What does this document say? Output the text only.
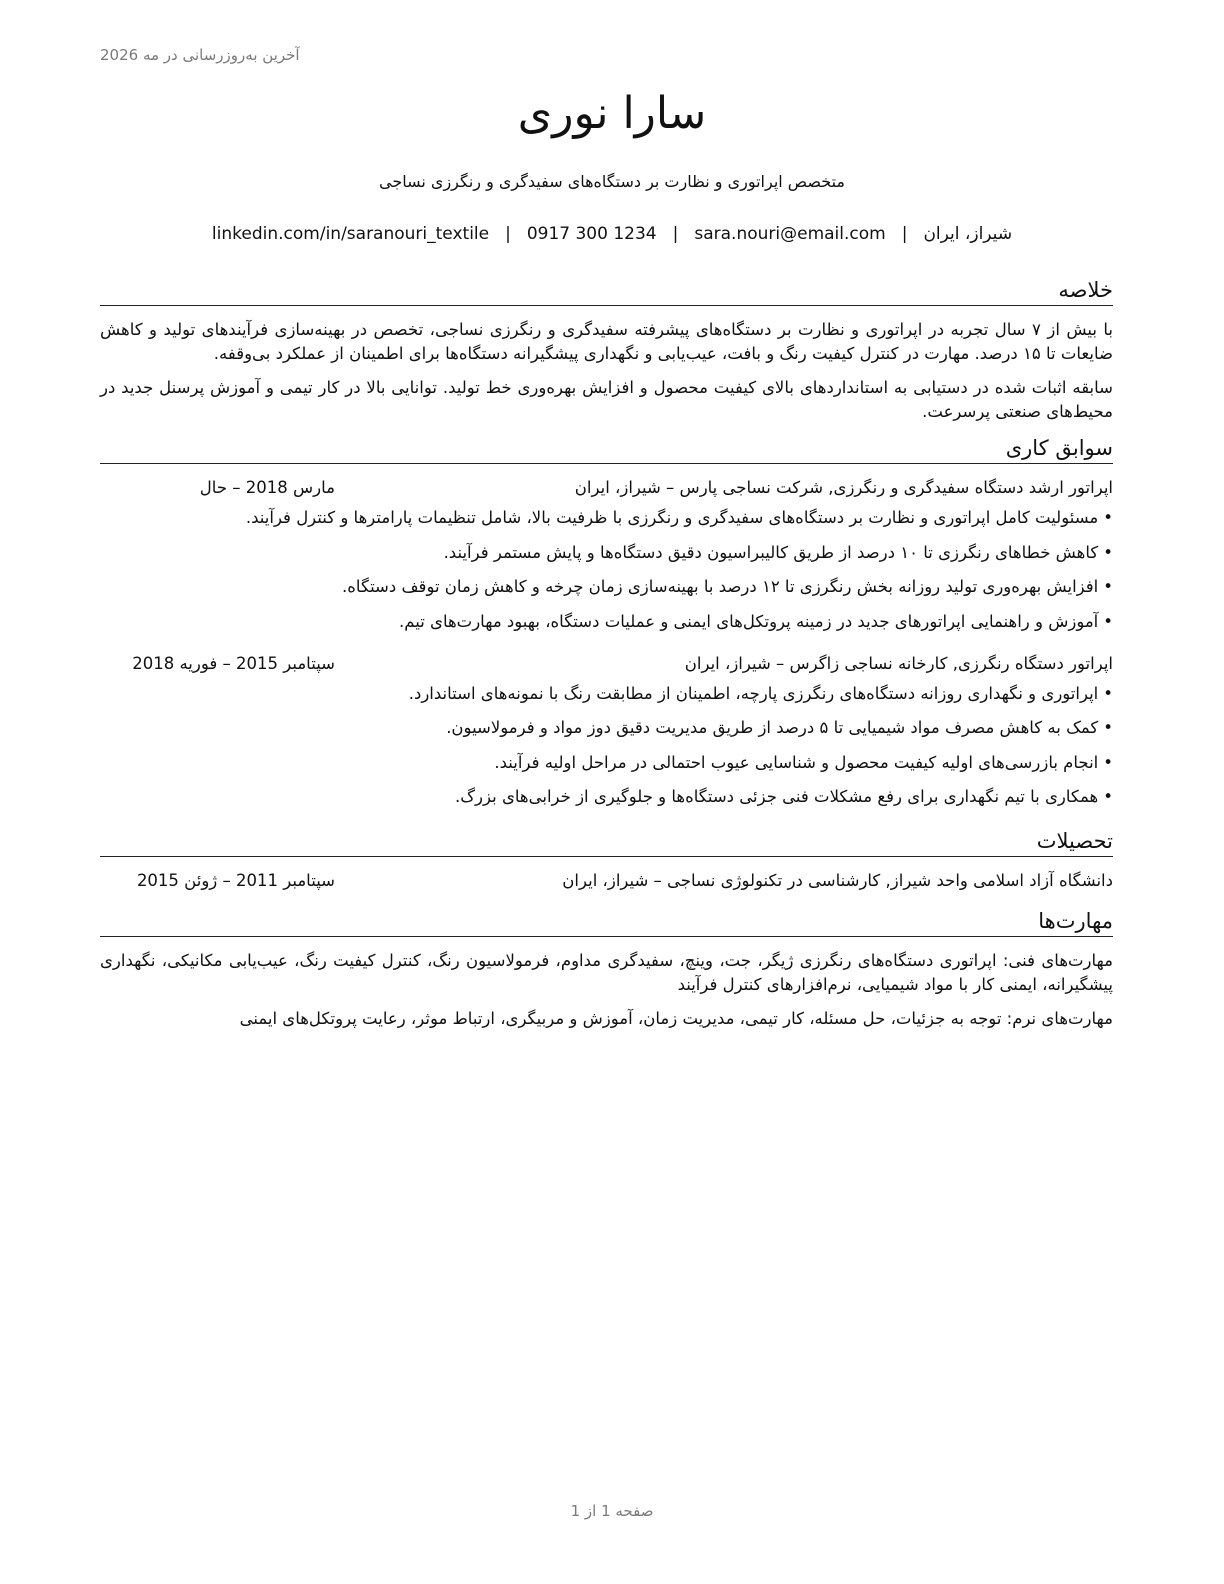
آخرین به‌روزرسانی در مه 2026
سارا نوری
متخصص اپراتوری و نظارت بر دستگاه‌های سفیدگری و رنگرزی نساجی
شیراز، ایران|sara.nouri@email.com|0917 300 1234|linkedin.com/in/saranouri_textile
خلاصه

با بیش از ۷ سال تجربه در اپراتوری و نظارت بر دستگاه‌های پیشرفته سفیدگری و رنگرزی نساجی، تخصص در بهینه‌سازی فرآیندهای تولید و کاهش ضایعات تا ۱۵ درصد. مهارت در کنترل کیفیت رنگ و بافت، عیب‌یابی و نگهداری پیشگیرانه دستگاه‌ها برای اطمینان از عملکرد بی‌وقفه.

سابقه اثبات شده در دستیابی به استانداردهای بالای کیفیت محصول و افزایش بهره‌وری خط تولید. توانایی بالا در کار تیمی و آموزش پرسنل جدید در محیط‌های صنعتی پرسرعت.

سوابق کاری
اپراتور ارشد دستگاه سفیدگری و رنگرزی, شرکت نساجی پارس – شیراز، ایران
مارس 2018 – حال
•مسئولیت کامل اپراتوری و نظارت بر دستگاه‌های سفیدگری و رنگرزی با ظرفیت بالا، شامل تنظیمات پارامترها و کنترل فرآیند.
•کاهش خطاهای رنگرزی تا ۱۰ درصد از طریق کالیبراسیون دقیق دستگاه‌ها و پایش مستمر فرآیند.
•افزایش بهره‌وری تولید روزانه بخش رنگرزی تا ۱۲ درصد با بهینه‌سازی زمان چرخه و کاهش زمان توقف دستگاه.
•آموزش و راهنمایی اپراتورهای جدید در زمینه پروتکل‌های ایمنی و عملیات دستگاه، بهبود مهارت‌های تیم.
اپراتور دستگاه رنگرزی, کارخانه نساجی زاگرس – شیراز، ایران
سپتامبر 2015 – فوریه 2018
•اپراتوری و نگهداری روزانه دستگاه‌های رنگرزی پارچه، اطمینان از مطابقت رنگ با نمونه‌های استاندارد.
•کمک به کاهش مصرف مواد شیمیایی تا ۵ درصد از طریق مدیریت دقیق دوز مواد و فرمولاسیون.
•انجام بازرسی‌های اولیه کیفیت محصول و شناسایی عیوب احتمالی در مراحل اولیه فرآیند.
•همکاری با تیم نگهداری برای رفع مشکلات فنی جزئی دستگاه‌ها و جلوگیری از خرابی‌های بزرگ.
تحصیلات
دانشگاه آزاد اسلامی واحد شیراز, کارشناسی در تکنولوژی نساجی – شیراز، ایران
سپتامبر 2011 – ژوئن 2015
مهارت‌ها

مهارت‌های فنی: اپراتوری دستگاه‌های رنگرزی ژیگر، جت، وینچ، سفیدگری مداوم، فرمولاسیون رنگ، کنترل کیفیت رنگ، عیب‌یابی مکانیکی، نگهداری پیشگیرانه، ایمنی کار با مواد شیمیایی، نرم‌افزارهای کنترل فرآیند

مهارت‌های نرم: توجه به جزئیات، حل مسئله، کار تیمی، مدیریت زمان، آموزش و مربیگری، ارتباط موثر، رعایت پروتکل‌های ایمنی

صفحه 1 از 1
